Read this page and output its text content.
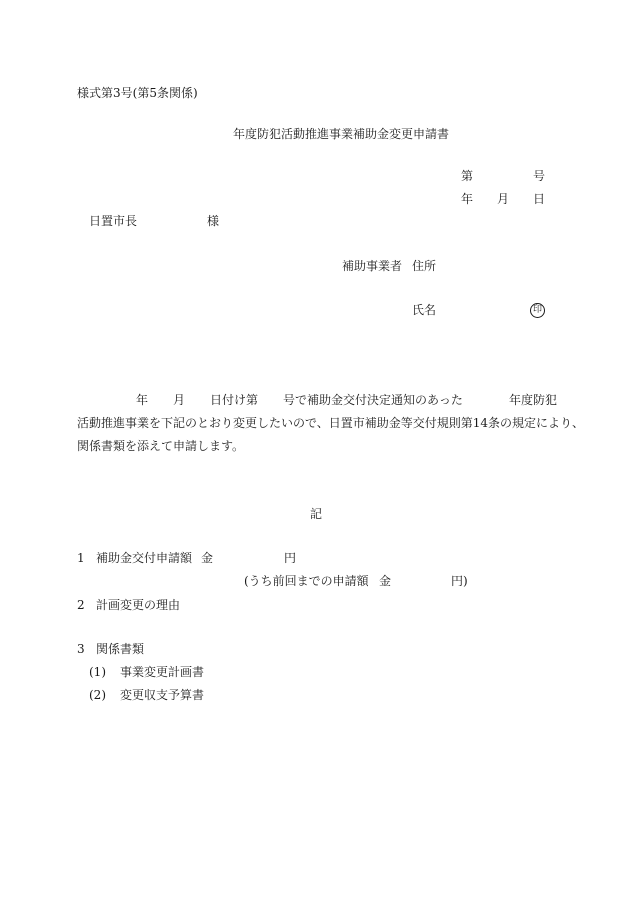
様式第3号(第5条関係)
年度防犯活動推進事業補助金変更申請書
第	号
年 月 日
日置市長	様
補助事業者 住所
氏名	印
年 月 日付け第 号で補助金交付決定通知のあった	年度防犯
活動推進事業を下記のとおり変更したいので、日置市補助金等交付規則第14条の規定により、
関係書類を添えて申請します。
記
1 補助金交付申請額 金	円
(うち前回までの申請額 金	円)
2 計画変更の理由
3 関係書類
(1) 事業変更計画書
(2) 変更収支予算書
